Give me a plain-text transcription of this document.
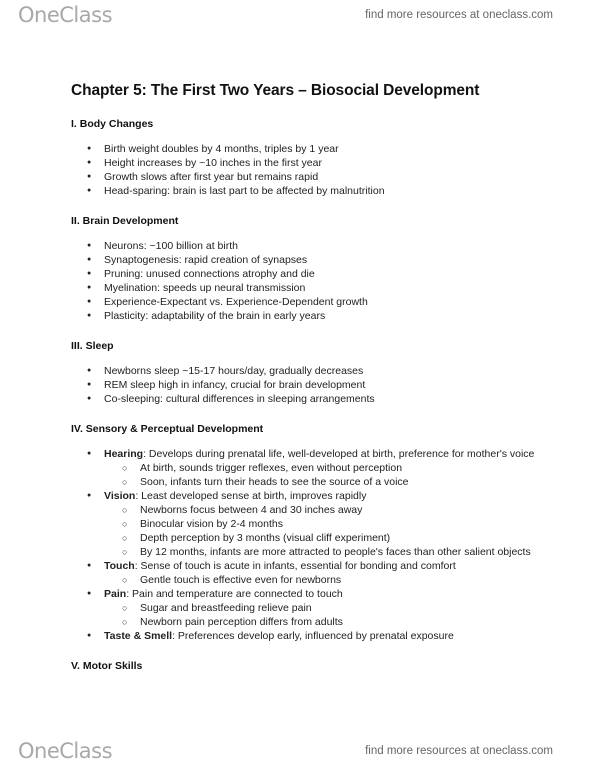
OneClass	find more resources at oneclass.com
Chapter 5: The First Two Years – Biosocial Development
I. Body Changes
● Birth weight doubles by 4 months, triples by 1 year
● Height increases by ~10 inches in the first year
● Growth slows after first year but remains rapid
● Head-sparing: brain is last part to be affected by malnutrition
II. Brain Development
● Neurons: ~100 billion at birth
● Synaptogenesis: rapid creation of synapses
● Pruning: unused connections atrophy and die
● Myelination: speeds up neural transmission
● Experience-Expectant vs. Experience-Dependent growth
● Plasticity: adaptability of the brain in early years
III. Sleep
● Newborns sleep ~15-17 hours/day, gradually decreases
● REM sleep high in infancy, crucial for brain development
● Co-sleeping: cultural differences in sleeping arrangements
IV. Sensory & Perceptual Development
● Hearing: Develops during prenatal life, well-developed at birth, preference for mother's voice
○ At birth, sounds trigger reflexes, even without perception
○ Soon, infants turn their heads to see the source of a voice
● Vision: Least developed sense at birth, improves rapidly
○ Newborns focus between 4 and 30 inches away
○ Binocular vision by 2-4 months
○ Depth perception by 3 months (visual cliff experiment)
○ By 12 months, infants are more attracted to people's faces than other salient objects
● Touch: Sense of touch is acute in infants, essential for bonding and comfort
○ Gentle touch is effective even for newborns
● Pain: Pain and temperature are connected to touch
○ Sugar and breastfeeding relieve pain
○ Newborn pain perception differs from adults
● Taste & Smell: Preferences develop early, influenced by prenatal exposure
V. Motor Skills
OneClass	find more resources at oneclass.com
